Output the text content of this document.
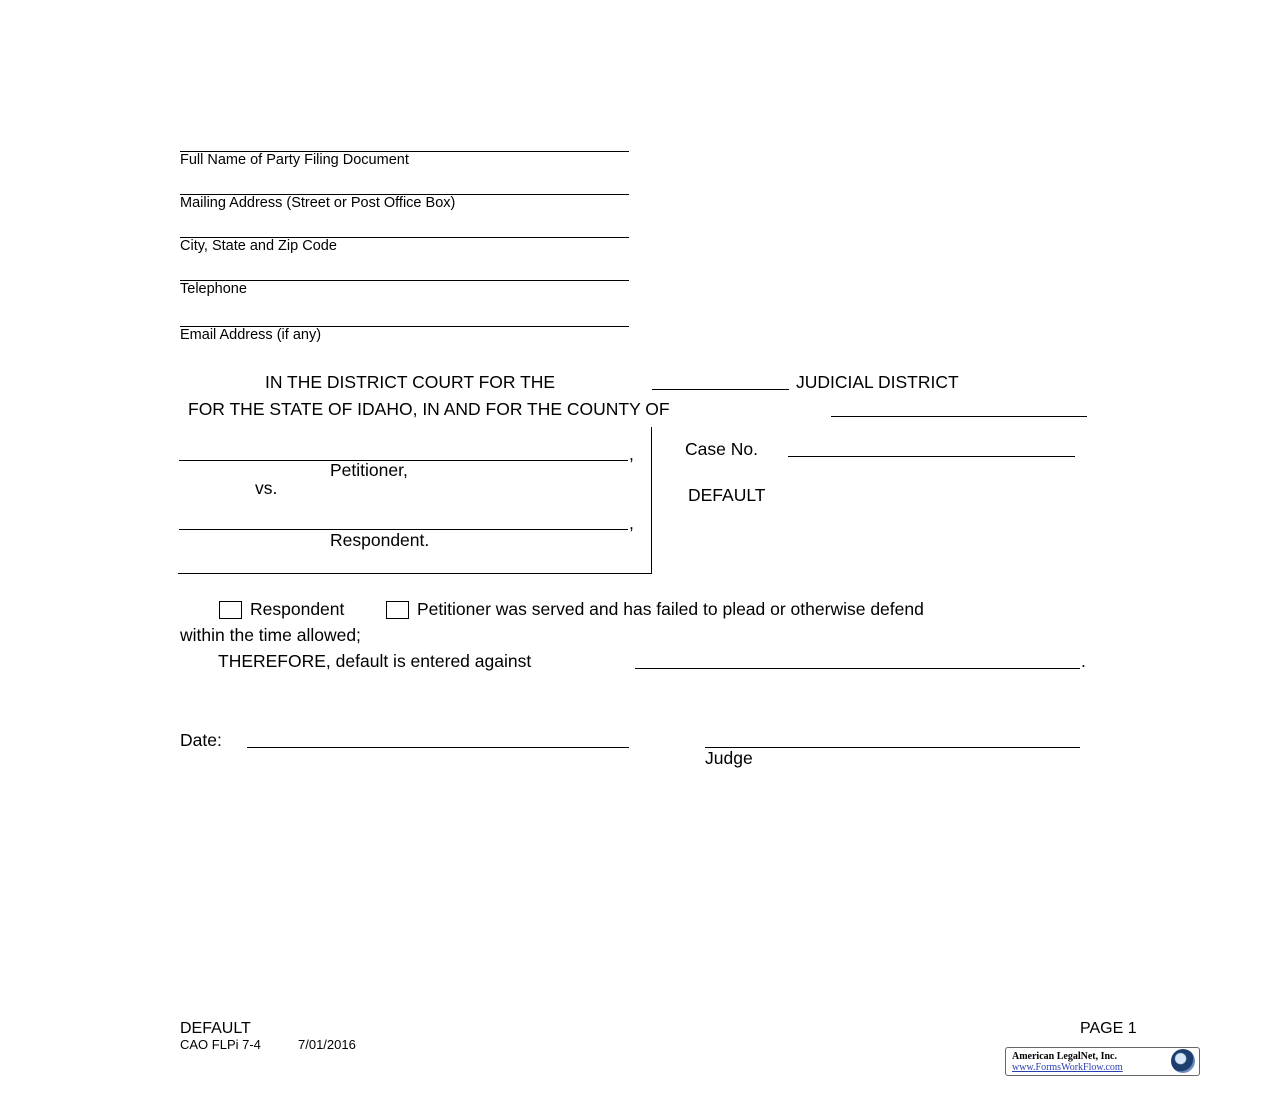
Full Name of Party Filing Document
Mailing Address (Street or Post Office Box)
City, State and Zip Code
Telephone
Email Address (if any)
IN THE DISTRICT COURT FOR THE	JUDICIAL DISTRICT
FOR THE STATE OF IDAHO, IN AND FOR THE COUNTY OF
,
Petitioner,
vs.
,
Respondent.
Case No.
DEFAULT
Respondent	Petitioner was served and has failed to plead or otherwise defend
within the time allowed;
THEREFORE, default is entered against	.
Date:
Judge
DEFAULT	PAGE 1
CAO FLPi 7-4	7/01/2016
American LegalNet, Inc.
www.FormsWorkFlow.com
